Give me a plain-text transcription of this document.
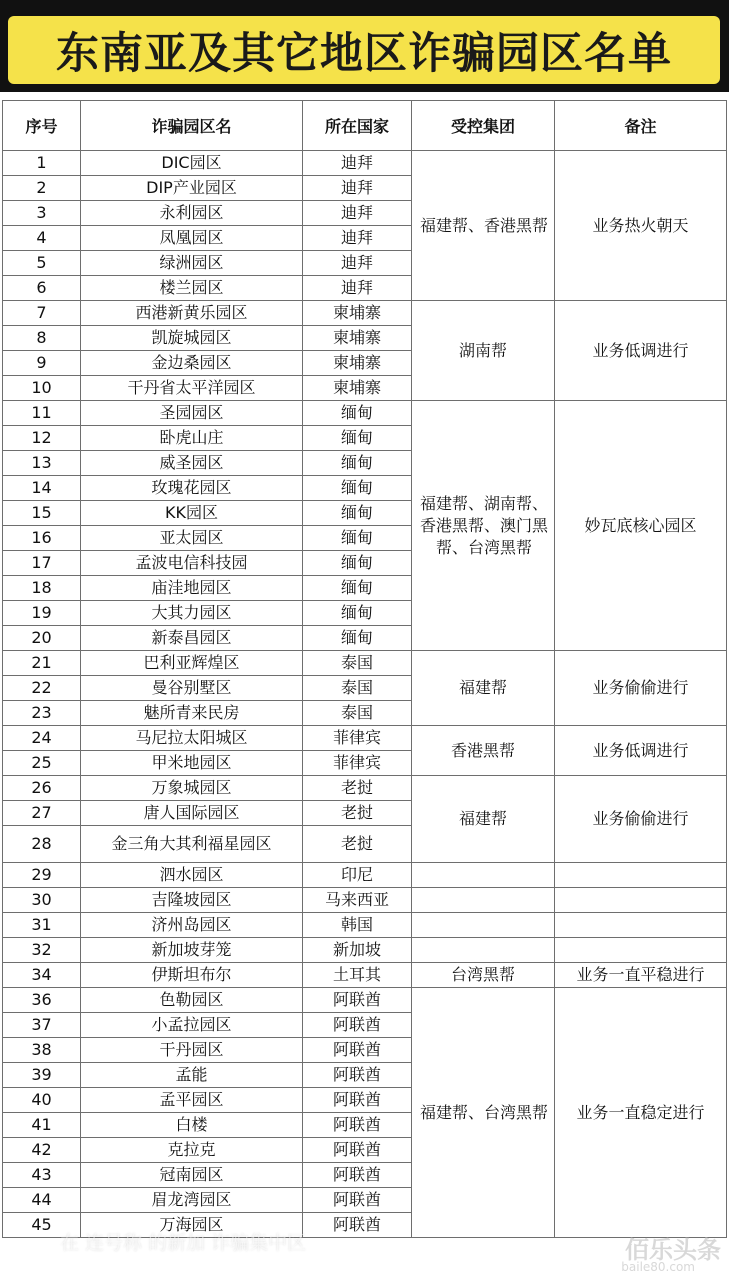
东南亚及其它地区诈骗园区名单
序号	诈骗园区名	所在国家	受控集团	备注
1	DIC园区	迪拜	福建帮、香港黑帮	业务热火朝天
2	DIP产业园区	迪拜		
3	永利园区	迪拜		
4	凤凰园区	迪拜		
5	绿洲园区	迪拜		
6	楼兰园区	迪拜		
7	西港新黄乐园区	柬埔寨	湖南帮	业务低调进行
8	凯旋城园区	柬埔寨		
9	金边桑园区	柬埔寨		
10	干丹省太平洋园区	柬埔寨		
11	圣园园区	缅甸	福建帮、湖南帮、香港黑帮、澳门黑帮、台湾黑帮	妙瓦底核心园区
12	卧虎山庄	缅甸		
13	威圣园区	缅甸		
14	玫瑰花园区	缅甸		
15	KK园区	缅甸		
16	亚太园区	缅甸		
17	孟波电信科技园	缅甸		
18	庙洼地园区	缅甸		
19	大其力园区	缅甸		
20	新泰昌园区	缅甸		
21	巴利亚辉煌区	泰国	福建帮	业务偷偷进行
22	曼谷别墅区	泰国		
23	魅所青来民房	泰国		
24	马尼拉太阳城区	菲律宾	香港黑帮	业务低调进行
25	甲米地园区	菲律宾		
26	万象城园区	老挝	福建帮	业务偷偷进行
27	唐人国际园区	老挝		
28	金三角大其利福星园区	老挝		
29	泗水园区	印尼		
30	吉隆坡园区	马来西亚		
31	济州岛园区	韩国		
32	新加坡芽笼	新加坡		
34	伊斯坦布尔	土耳其	台湾黑帮	业务一直平稳进行
36	色勒园区	阿联酋	福建帮、台湾黑帮	业务一直稳定进行
37	小孟拉园区	阿联酋		
38	干丹园区	阿联酋		
39	孟能	阿联酋		
40	孟平园区	阿联酋		
41	白楼	阿联酋		
42	克拉克	阿联酋		
43	冠南园区	阿联酋		
44	眉龙湾园区	阿联酋		
45	万海园区	阿联酋		
在 连号称 的新加 诈骗集中区	佰乐头条
baile80.com
